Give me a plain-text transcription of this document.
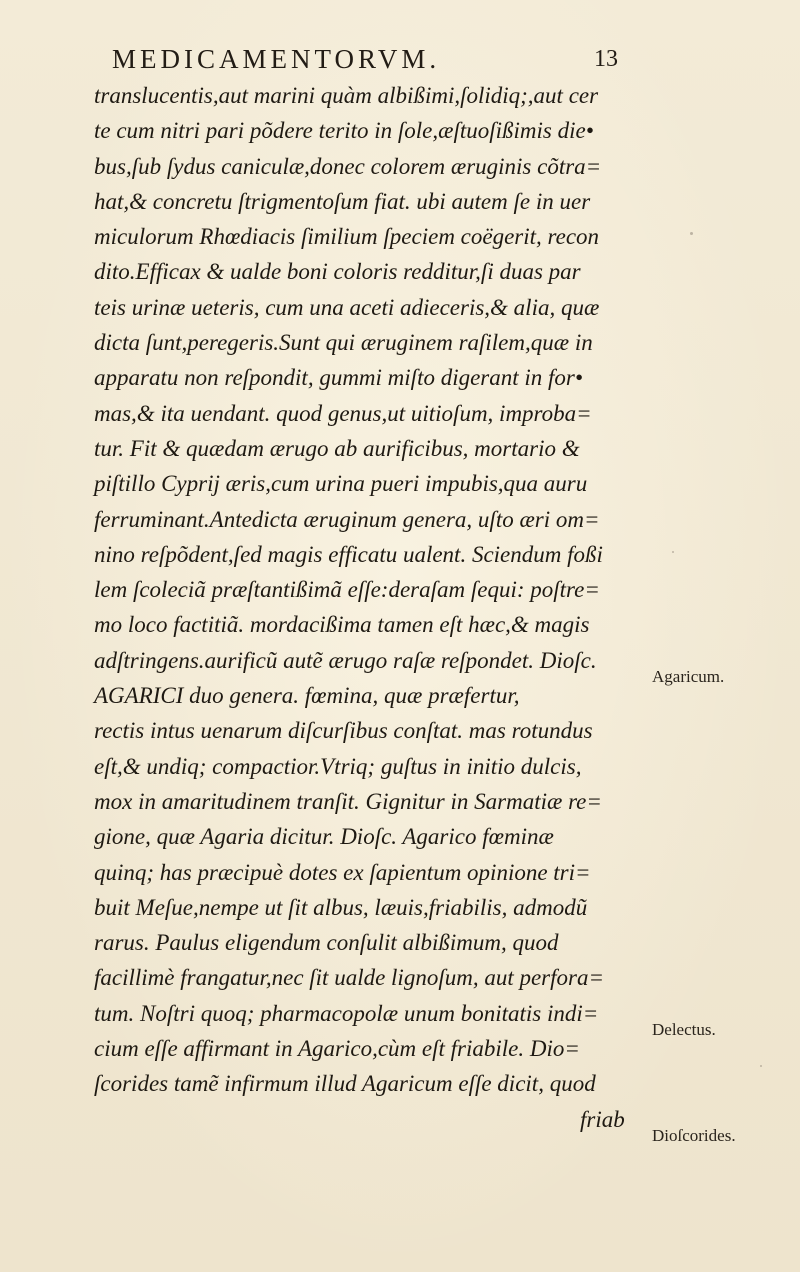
MEDICAMENTORVM.	13
translucentis,aut marini quàm albißimi,ſolidiq;,aut cer
te cum nitri pari põdere terito in ſole,æſtuoſißimis die•
bus,ſub ſydus caniculæ,donec colorem æruginis cõtra=
hat,& concretu ſtrigmentoſum fiat. ubi autem ſe in uer
miculorum Rhœdiacis ſimilium ſpeciem coëgerit, recon
dito.Efficax & ualde boni coloris redditur,ſi duas par
teis urinæ ueteris, cum una aceti adieceris,& alia, quæ
dicta ſunt,peregeris.Sunt qui æruginem raſilem,quæ in
apparatu non reſpondit, gummi miſto digerant in for•
mas,& ita uendant. quod genus,ut uitioſum, improba=
tur. Fit & quædam ærugo ab aurificibus, mortario &
piſtillo Cyprij æris,cum urina pueri impubis,qua auru
ferruminant.Antedicta æruginum genera, uſto æri om=
nino reſpõdent,ſed magis efficatu ualent. Sciendum foßi
lem ſcoleciã præſtantißimã eſſe:deraſam ſequi: poſtre=
mo loco factitiã. mordacißima tamen eſt hæc,& magis
adſtringens.aurificũ autẽ ærugo raſæ reſpondet. Dioſc.
AGARICI duo genera. fœmina, quæ præfertur,
rectis intus uenarum diſcurſibus conſtat. mas rotundus
eſt,& undiq; compactior.Vtriq; guſtus in initio dulcis,
mox in amaritudinem tranſit. Gignitur in Sarmatiæ re=
gione, quæ Agaria dicitur. Dioſc. Agarico fœminæ
quinq; has præcipuè dotes ex ſapientum opinione tri=
buit Meſue,nempe ut ſit albus, læuis,friabilis, admodũ
rarus. Paulus eligendum conſulit albißimum, quod
facillimè frangatur,nec ſit ualde lignoſum, aut perfora=
tum. Noſtri quoq; pharmacopolæ unum bonitatis indi=
cium eſſe affirmant in Agarico,cùm eſt friabile. Dio=
ſcorides tamẽ infirmum illud Agaricum eſſe dicit, quod
friab
Agaricum.
Delectus.
Dioſcorides.
